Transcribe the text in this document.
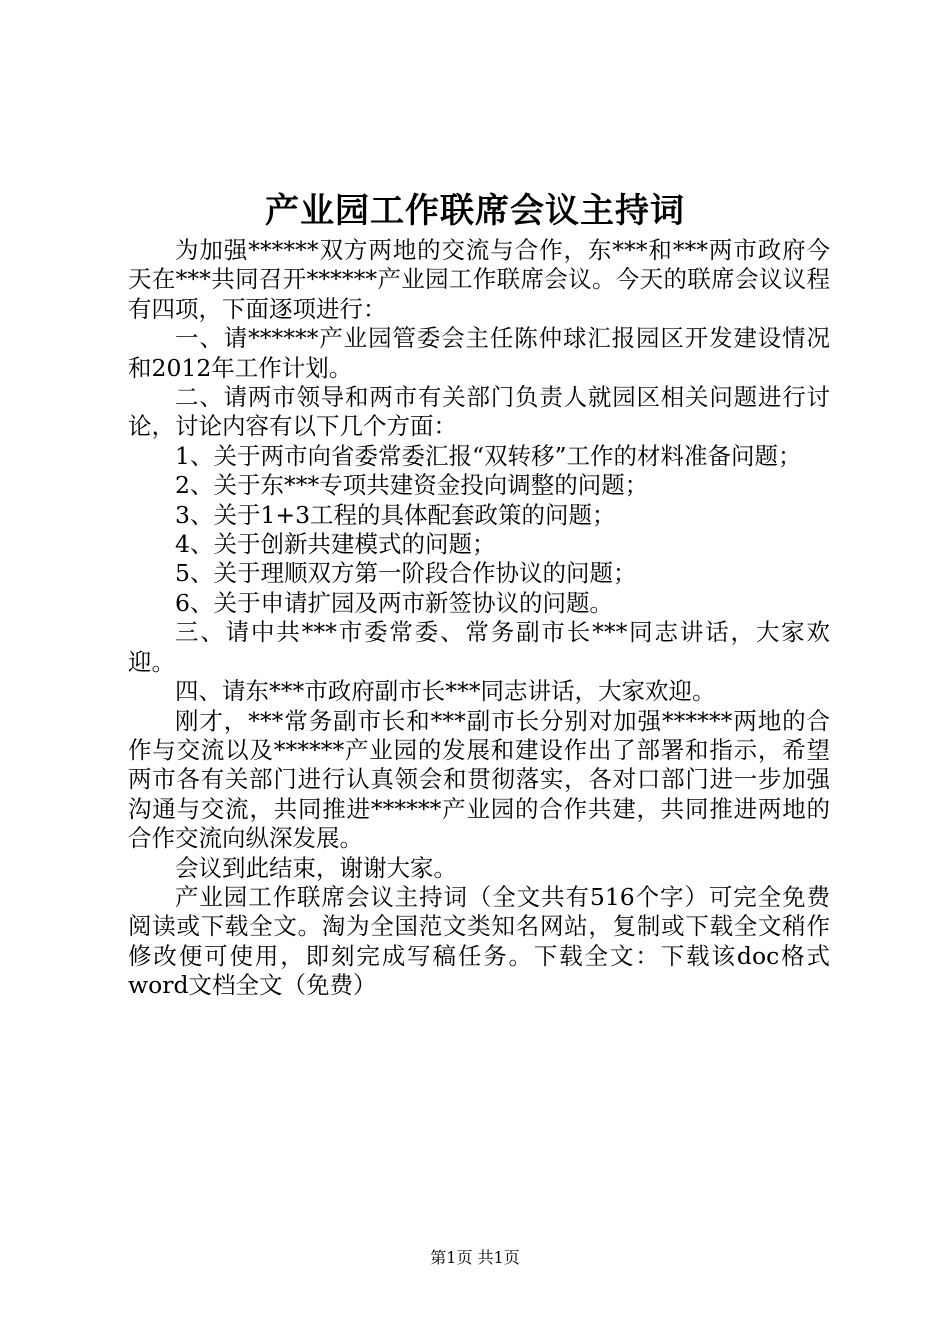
产业园工作联席会议主持词

为加强******双方两地的交流与合作，东***和***两市政府今天在***共同召开******产业园工作联席会议。今天的联席会议议程有四项，下面逐项进行：

一、请******产业园管委会主任陈仲球汇报园区开发建设情况和2012年工作计划。

二、请两市领导和两市有关部门负责人就园区相关问题进行讨论，讨论内容有以下几个方面：

1、关于两市向省委常委汇报“双转移”工作的材料准备问题；

2、关于东***专项共建资金投向调整的问题；

3、关于1+3工程的具体配套政策的问题；

4、关于创新共建模式的问题；

5、关于理顺双方第一阶段合作协议的问题；

6、关于申请扩园及两市新签协议的问题。

三、请中共***市委常委、常务副市长***同志讲话，大家欢迎。

四、请东***市政府副市长***同志讲话，大家欢迎。

刚才，***常务副市长和***副市长分别对加强******两地的合作与交流以及******产业园的发展和建设作出了部署和指示，希望两市各有关部门进行认真领会和贯彻落实，各对口部门进一步加强沟通与交流，共同推进******产业园的合作共建，共同推进两地的合作交流向纵深发展。

会议到此结束，谢谢大家。

产业园工作联席会议主持词（全文共有516个字）可完全免费阅读或下载全文。淘为全国范文类知名网站，复制或下载全文稍作修改便可使用，即刻完成写稿任务。下载全文：下载该doc格式word文档全文（免费）

第1页 共1页
